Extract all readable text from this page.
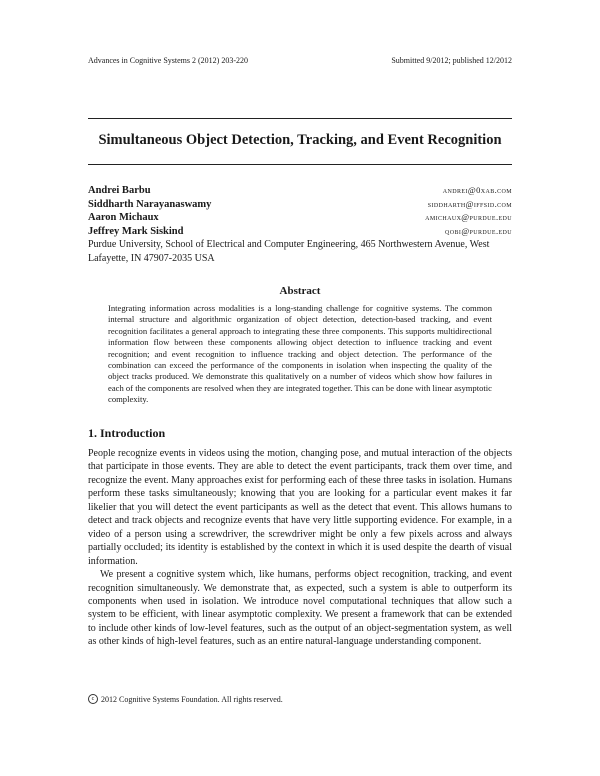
Advances in Cognitive Systems 2 (2012) 203-220	Submitted 9/2012; published 12/2012
Simultaneous Object Detection, Tracking, and Event Recognition
Andrei Barbu	andrei@0xab.com
Siddharth Narayanaswamy	siddharth@iffsid.com
Aaron Michaux	amichaux@purdue.edu
Jeffrey Mark Siskind	qobi@purdue.edu
Purdue University, School of Electrical and Computer Engineering, 465 Northwestern Avenue, West Lafayette, IN 47907-2035 USA
Abstract
Integrating information across modalities is a long-standing challenge for cognitive systems. The common internal structure and algorithmic organization of object detection, detection-based tracking, and event recognition facilitates a general approach to integrating these three components. This supports multidirectional information flow between these components allowing object detection to influence tracking and event recognition; and event recognition to influence tracking and object detection. The performance of the combination can exceed the performance of the components in isolation when inspecting the quality of the object tracks produced. We demonstrate this qualitatively on a number of videos which show how failures in each of the components are resolved when they are integrated together. This can be done with linear asymptotic complexity.
1. Introduction

People recognize events in videos using the motion, changing pose, and mutual interaction of the objects that participate in those events. They are able to detect the event participants, track them over time, and recognize the event. Many approaches exist for performing each of these three tasks in isolation. Humans perform these tasks simultaneously; knowing that you are looking for a particular event makes it far likelier that you will detect the event participants as well as the detect that event. This allows humans to detect and track objects and recognize events that have very little supporting evidence. For example, in a video of a person using a screwdriver, the screwdriver might be only a few pixels across and always partially occluded; its identity is established by the context in which it is used despite the dearth of visual information.

We present a cognitive system which, like humans, performs object recognition, tracking, and event recognition simultaneously. We demonstrate that, as expected, such a system is able to outperform its components when used in isolation. We introduce novel computational techniques that allow such a system to be efficient, with linear asymptotic complexity. We present a framework that can be extended to include other kinds of low-level features, such as the output of an object-segmentation system, as well as other kinds of high-level features, such as an entire natural-language understanding component.

c 2012 Cognitive Systems Foundation. All rights reserved.
